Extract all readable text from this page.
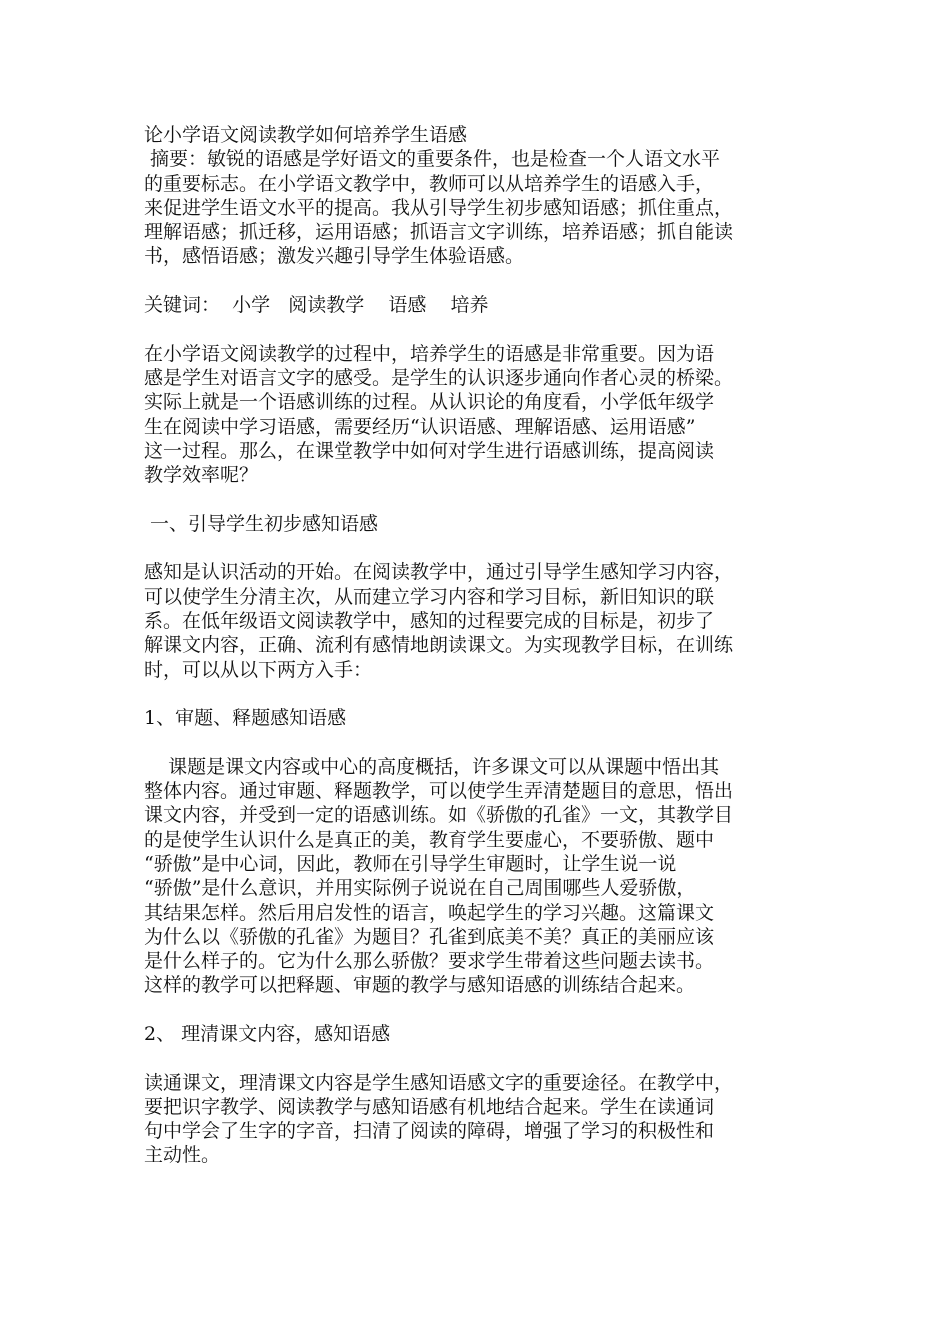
论小学语文阅读教学如何培养学生语感
摘要：敏锐的语感是学好语文的重要条件，也是检查一个人语文水平
的重要标志。在小学语文教学中，教师可以从培养学生的语感入手，
来促进学生语文水平的提高。我从引导学生初步感知语感；抓住重点，
理解语感；抓迁移，运用语感；抓语言文字训练，培养语感；抓自能读
书，感悟语感；激发兴趣引导学生体验语感。
关键词：  小学   阅读教学    语感    培养
在小学语文阅读教学的过程中，培养学生的语感是非常重要。因为语
感是学生对语言文字的感受。是学生的认识逐步通向作者心灵的桥梁。
实际上就是一个语感训练的过程。从认识论的角度看，小学低年级学
生在阅读中学习语感，需要经历“认识语感、理解语感、运用语感”
这一过程。那么，在课堂教学中如何对学生进行语感训练，提高阅读
教学效率呢？
一、引导学生初步感知语感
感知是认识活动的开始。在阅读教学中，通过引导学生感知学习内容，
可以使学生分清主次，从而建立学习内容和学习目标，新旧知识的联
系。在低年级语文阅读教学中，感知的过程要完成的目标是，初步了
解课文内容，正确、流利有感情地朗读课文。为实现教学目标，在训练
时，可以从以下两方入手：
1、审题、释题感知语感
课题是课文内容或中心的高度概括，许多课文可以从课题中悟出其
整体内容。通过审题、释题教学，可以使学生弄清楚题目的意思，悟出
课文内容，并受到一定的语感训练。如《骄傲的孔雀》一文，其教学目
的是使学生认识什么是真正的美，教育学生要虚心，不要骄傲、题中
“骄傲”是中心词，因此，教师在引导学生审题时，让学生说一说
“骄傲”是什么意识，并用实际例子说说在自己周围哪些人爱骄傲，
其结果怎样。然后用启发性的语言，唤起学生的学习兴趣。这篇课文
为什么以《骄傲的孔雀》为题目？孔雀到底美不美？真正的美丽应该
是什么样子的。它为什么那么骄傲？要求学生带着这些问题去读书。
这样的教学可以把释题、审题的教学与感知语感的训练结合起来。
2、 理清课文内容，感知语感
读通课文，理清课文内容是学生感知语感文字的重要途径。在教学中，
要把识字教学、阅读教学与感知语感有机地结合起来。学生在读通词
句中学会了生字的字音，扫清了阅读的障碍，增强了学习的积极性和
主动性。
